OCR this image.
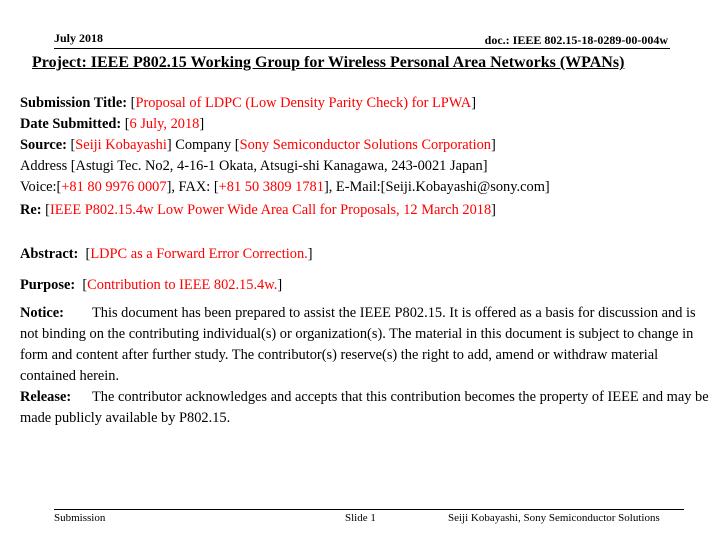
July 2018	doc.: IEEE 802.15-18-0289-00-004w
Project: IEEE P802.15 Working Group for Wireless Personal Area Networks (WPANs)
Submission Title: [Proposal of LDPC (Low Density Parity Check) for LPWA]
Date Submitted: [6 July, 2018]
Source: [Seiji Kobayashi] Company [Sony Semiconductor Solutions Corporation]
Address [Astugi Tec. No2, 4-16-1 Okata, Atsugi-shi Kanagawa, 243-0021 Japan]
Voice:[+81 80 9976 0007], FAX: [+81 50 3809 1781], E-Mail:[Seiji.Kobayashi@sony.com]
Re: [IEEE P802.15.4w Low Power Wide Area Call for Proposals, 12 March 2018]
Abstract:  [LDPC as a Forward Error Correction.]
Purpose:  [Contribution to IEEE 802.15.4w.]
Notice: This document has been prepared to assist the IEEE P802.15. It is offered as a basis for discussion and is not binding on the contributing individual(s) or organization(s). The material in this document is subject to change in form and content after further study. The contributor(s) reserve(s) the right to add, amend or withdraw material contained herein.
Release: The contributor acknowledges and accepts that this contribution becomes the property of IEEE and may be made publicly available by P802.15.
Submission	Slide 1	Seiji Kobayashi, Sony Semiconductor Solutions
